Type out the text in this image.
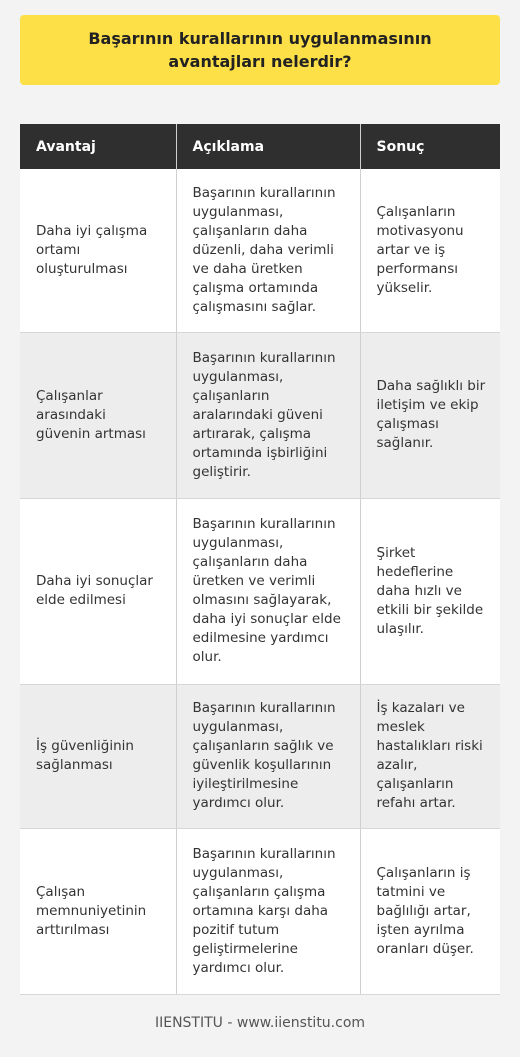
Başarının kurallarının uygulanmasının avantajları nelerdir?
Avantaj	Açıklama	Sonuç
Daha iyi çalışma ortamı oluşturulması	Başarının kurallarının uygulanması, çalışanların daha düzenli, daha verimli ve daha üretken çalışma ortamında çalışmasını sağlar.	Çalışanların motivasyonu artar ve iş performansı yükselir.
Çalışanlar arasındaki güvenin artması	Başarının kurallarının uygulanması, çalışanların aralarındaki güveni artırarak, çalışma ortamında işbirliğini geliştirir.	Daha sağlıklı bir iletişim ve ekip çalışması sağlanır.
Daha iyi sonuçlar elde edilmesi	Başarının kurallarının uygulanması, çalışanların daha üretken ve verimli olmasını sağlayarak, daha iyi sonuçlar elde edilmesine yardımcı olur.	Şirket hedeflerine daha hızlı ve etkili bir şekilde ulaşılır.
İş güvenliğinin sağlanması	Başarının kurallarının uygulanması, çalışanların sağlık ve güvenlik koşullarının iyileştirilmesine yardımcı olur.	İş kazaları ve meslek hastalıkları riski azalır, çalışanların refahı artar.
Çalışan memnuniyetinin arttırılması	Başarının kurallarının uygulanması, çalışanların çalışma ortamına karşı daha pozitif tutum geliştirmelerine yardımcı olur.	Çalışanların iş tatmini ve bağlılığı artar, işten ayrılma oranları düşer.
IIENSTITU - www.iienstitu.com
